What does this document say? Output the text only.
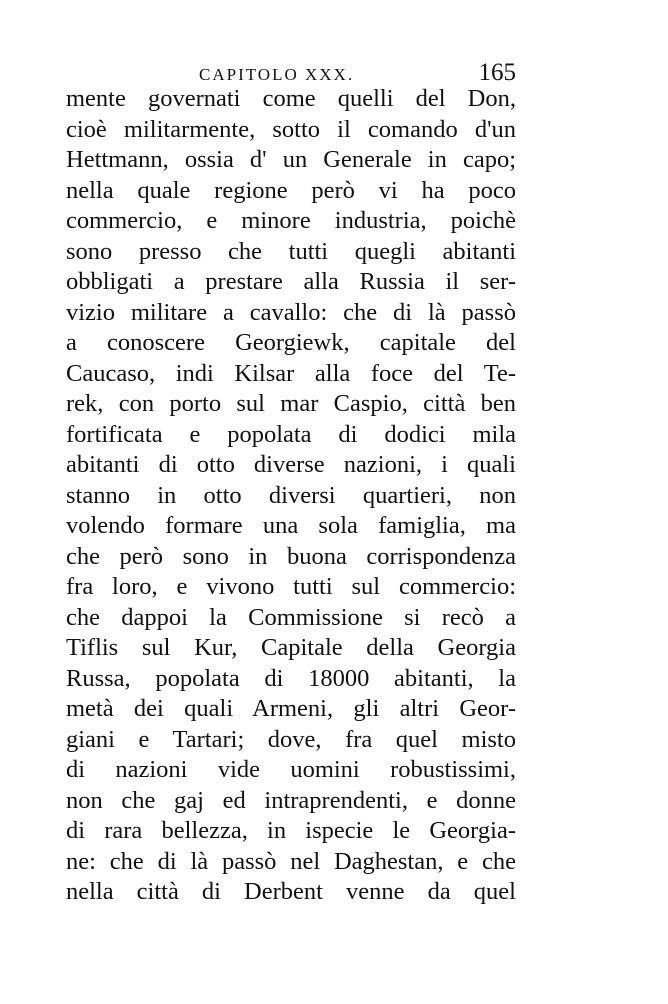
CAPITOLO XXX.	165
mente governati come quelli del Don,
cioè militarmente, sotto il comando d'un
Hettmann, ossia d' un Generale in capo;
nella quale regione però vi ha poco
commercio, e minore industria, poichè
sono presso che tutti quegli abitanti
obbligati a prestare alla Russia il ser-
vizio militare a cavallo: che di là passò
a conoscere Georgiewk, capitale del
Caucaso, indi Kilsar alla foce del Te-
rek, con porto sul mar Caspio, città ben
fortificata e popolata di dodici mila
abitanti di otto diverse nazioni, i quali
stanno in otto diversi quartieri, non
volendo formare una sola famiglia, ma
che però sono in buona corrispondenza
fra loro, e vivono tutti sul commercio:
che dappoi la Commissione si recò a
Tiflis sul Kur, Capitale della Georgia
Russa, popolata di 18000 abitanti, la
metà dei quali Armeni, gli altri Geor-
giani e Tartari; dove, fra quel misto
di nazioni vide uomini robustissimi,
non che gaj ed intraprendenti, e donne
di rara bellezza, in ispecie le Georgia-
ne: che di là passò nel Daghestan, e che
nella città di Derbent venne da quel
